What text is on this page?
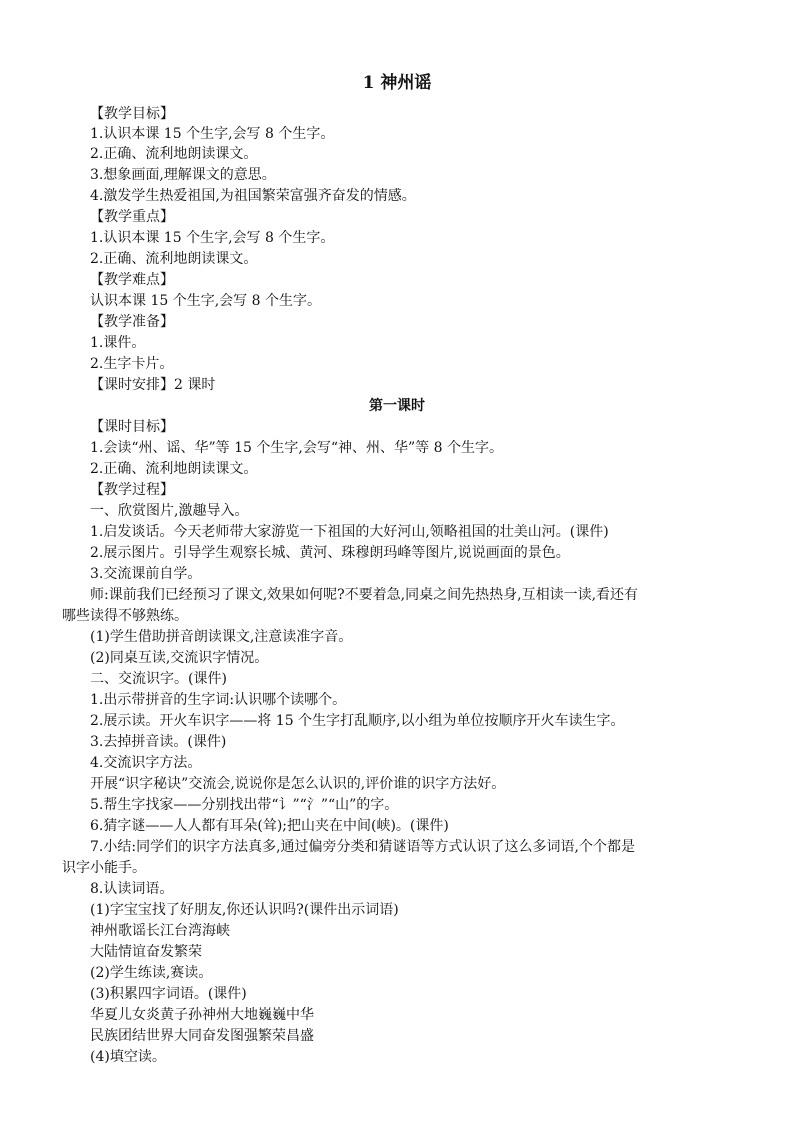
1 神州谣
【教学目标】
1.认识本课 15 个生字,会写 8 个生字。
2.正确、流利地朗读课文。
3.想象画面,理解课文的意思。
4.激发学生热爱祖国,为祖国繁荣富强齐奋发的情感。
【教学重点】
1.认识本课 15 个生字,会写 8 个生字。
2.正确、流利地朗读课文。
【教学难点】
认识本课 15 个生字,会写 8 个生字。
【教学准备】
1.课件。
2.生字卡片。
【课时安排】2 课时
第一课时
【课时目标】
1.会读“州、谣、华”等 15 个生字,会写“神、州、华”等 8 个生字。
2.正确、流利地朗读课文。
【教学过程】
一、欣赏图片,激趣导入。
1.启发谈话。今天老师带大家游览一下祖国的大好河山,领略祖国的壮美山河。(课件)
2.展示图片。引导学生观察长城、黄河、珠穆朗玛峰等图片,说说画面的景色。
3.交流课前自学。
师:课前我们已经预习了课文,效果如何呢?不要着急,同桌之间先热热身,互相读一读,看还有
哪些读得不够熟练。
(1)学生借助拼音朗读课文,注意读准字音。
(2)同桌互读,交流识字情况。
二、交流识字。(课件)
1.出示带拼音的生字词:认识哪个读哪个。
2.展示读。开火车识字——将 15 个生字打乱顺序,以小组为单位按顺序开火车读生字。
3.去掉拼音读。(课件)
4.交流识字方法。
开展“识字秘诀”交流会,说说你是怎么认识的,评价谁的识字方法好。
5.帮生字找家——分别找出带“讠”“氵”“山”的字。
6.猜字谜——人人都有耳朵(耸);把山夹在中间(峡)。(课件)
7.小结:同学们的识字方法真多,通过偏旁分类和猜谜语等方式认识了这么多词语,个个都是
识字小能手。
8.认读词语。
(1)字宝宝找了好朋友,你还认识吗?(课件出示词语)
神州歌谣长江台湾海峡
大陆情谊奋发繁荣
(2)学生练读,赛读。
(3)积累四字词语。(课件)
华夏儿女炎黄子孙神州大地巍巍中华
民族团结世界大同奋发图强繁荣昌盛
(4)填空读。
